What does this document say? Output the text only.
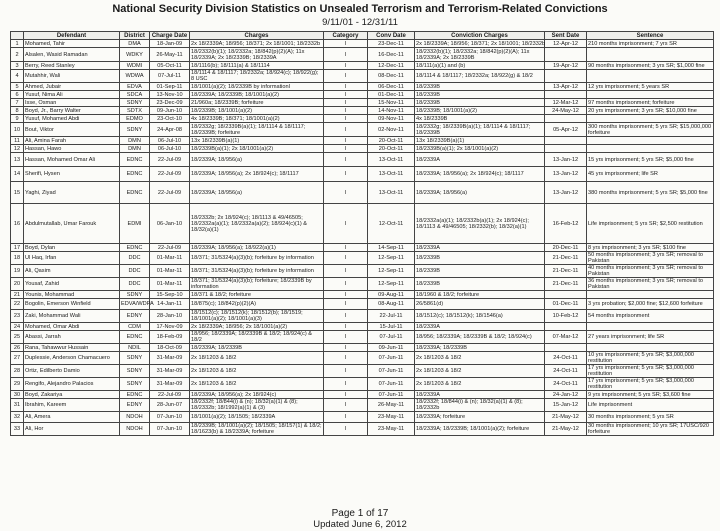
National Security Division Statistics on Unsealed Terrorism and Terrorism-Related Convictions
9/11/01 - 12/31/11
	Defendant	District	Charge Date	Charges	Category	Conv Date	Conviction Charges	Sent Date	Sentence
1	Mohamed, Tahir	DMA	18-Jan-09	2x 18/2339A; 18/956; 18/371; 2x 18/1001; 18/2332b	I	23-Dec-11	2x 18/2339A; 18/956; 18/371; 2x 18/1001; 18/2332b	12-Apr-12	210 months imprisonment; 7 yrs SR
2	Alsalen, Wasid Ramadan	WDKY	26-May-11	18/2332(b)(1); 18/2332a; 18/842(p)(2)(A); 11x 18/2339A; 2x 18/2339B; 18/2339A	I	16-Dec-11	18/2332(b)(1); 18/2332a; 18/842(p)(2)(A); 11x 18/2339A; 2x 18/2339B		
3	Berry, Reed Stanley	WDMI	05-Oct-11	18/1116(b); 18/111(a) & 18/1114	I	12-Dec-11	18/111(a)(1) and (b)	19-Apr-12	90 months imprisonment; 3 yrs SR; $1,000 fine
4	Mutahhir, Wali	WDWA	07-Jul-11	18/1114 & 18/1117; 18/2332a; 18/924(c); 18/922(g); 8 USC	I	08-Dec-11	18/1114 & 18/1117; 18/2332a; 18/922(g) & 18/2		
5	Ahmed, Jubair	EDVA	01-Sep-11	18/1001(a)(2); 18/2339B by informationl	I	06-Dec-11	18/2339B	13-Apr-12	12 yrs imprisonment; 5 years SR
6	Yusuf, Nima Ali	SDCA	13-Nov-10	18/2339A; 18/2339B; 18/1001(a)(2)	I	01-Dec-11	18/2339B		
7	Isse, Osman	SDNY	23-Dec-09	21/960a; 18/2339B; forfeiture	I	15-Nov-11	18/2339B	12-Mar-12	97 months imprisonment; forfeiture
8	Boyd, Jr., Barry Walter	SDTX	09-Jun-10	18/2339B; 18/1001(a)(2)	I	14-Nov-11	18/2339B; 18/1001(a)(2)	24-May-12	20 yrs imprisonment; 3 yrs SR; $10,000 fine
9	Yusuf, Mohamed Abdi	EDMO	23-Oct-10	4x 18/2339B; 18/371; 18/1001(a)(2)	I	09-Nov-11	4x 18/2339B		
10	Bout, Viktor	SDNY	24-Apr-08	18/2332g; 18/2339B(a)(1); 18/1114 & 18/1117; 18/2339B; forfeiture	I	02-Nov-11	18/2332g; 18/2339B(a)(1); 18/1114 & 18/1117; 18/2339B	05-Apr-12	300 months imprisonment; 5 yrs SR; $15,000,000 forfeiture
11	Ali, Amina Farah	DMN	06-Jul-10	13x 18/2339B(a)(1)	I	20-Oct-11	13x 18/2339B(a)(1)		
12	Hassan, Hawo	DMN	06-Jul-10	18/2339B(a)(1); 2x 18/1001(a)(2)	I	20-Oct-11	18/2339B(a)(1); 2x 18/1001(a)(2)		
13	Hassan, Mohamed Omar Ali	EDNC	22-Jul-09	18/2339A; 18/956(a)	I	13-Oct-11	18/2339A	13-Jan-12	15 yrs imprisonment; 5 yrs SR; $5,000 fine
14	Sherifi, Hysen	EDNC	22-Jul-09	18/2339A; 18/956(a); 2x 18/924(c); 18/1117	I	13-Oct-11	18/2339A; 18/956(a); 2x 18/924(c); 18/1117	13-Jan-12	45 yrs imprisonment; life SR
15	Yaghi, Ziyad	EDNC	22-Jul-09	18/2339A; 18/956(a)	I	13-Oct-11	18/2339A; 18/956(a)	13-Jan-12	380 months imprisonment; 5 yrs SR; $5,000 fine
16	Abdulmutallab, Umar Farouk	EDMI	06-Jan-10	18/2332b; 2x 18/924(c); 18/1113 & 49/46505; 18/2332a(a)(1); 18/2332a(a)(2); 18/924(c)(1) & 18/32(a)(1)	I	12-Oct-11	18/2332a(a)(1); 18/2332b(a)(1); 2x 18/924(c); 18/1113 & 49/46505; 18/2332(b); 18/32(a)(1)	16-Feb-12	Life imprisonment; 5 yrs SR; $2,500 restitution
17	Boyd, Dylan	EDNC	22-Jul-09	18/2339A; 18/956(a); 18/922(a)(1)	I	14-Sep-11	18/2339A	20-Dec-11	8 yrs imprisonment; 3 yrs SR; $100 fine
18	Ul Haq, Irfan	DDC	01-Mar-11	18/371; 31/5324(a)(3)(b); forfeiture by information	I	12-Sep-11	18/2339B	21-Dec-11	50 months imprisonment; 3 yrs SR; removal to Pakistan
19	Ali, Qasim	DDC	01-Mar-11	18/371; 31/5324(a)(3)(b); forfeiture by information	I	12-Sep-11	18/2339B	21-Dec-11	40 months imprisonment; 3 yrs SR; removal to Pakistan
20	Yousaf, Zahid	DDC	01-Mar-11	18/371; 31/5324(a)(3)(b); forfeiture; 18/2339B by information	I	12-Sep-11	18/2339B	21-Dec-11	36 months imprisonment; 3 yrs SR; removal to Pakistan
21	Younis, Mohammad	SDNY	15-Sep-10	18/371 & 18/2; forfeiture	I	09-Aug-11	18/1960 & 18/2; forfeiture		
22	Bogolin, Emerson Winfield	EDVA/WDPA	14-Jan-11	18/875(c); 18/842(p)(2)(A)	I	08-Aug-11	26/5861(d)	01-Dec-11	3 yrs probation; $2,000 fine; $12,600 forfeiture
23	Zaki, Mohammad Wali	EDNY	28-Jan-10	18/1512(c); 18/1512(k); 18/1512(b); 18/1519; 18/1001(a)(2); 18/1001(a)(3)	I	22-Jul-11	18/1512(c); 18/1512(k); 18/1546(a)	10-Feb-12	54 months imprisonment
24	Mohamed, Omar Abdi	CDM	17-Nov-09	2x 18/2339A; 18/956; 2x 18/1001(a)(2)	I	15-Jul-11	18/2339A		
25	Abassi, Jarrah	EDNC	18-Feb-09	18/956; 18/2339A; 18/2339B & 18/2; 18/924(c) & 18/2	I	07-Jul-11	18/956; 18/2339A; 18/2339B & 18/2; 18/924(c)	07-Mar-12	27 years imprisonment; life SR
26	Rana, Tahawwur Hussain	NDIL	18-Oct-09	18/2339A; 18/2339B	I	09-Jun-11	18/2339A; 18/2339B		
27	Duplessie, Anderson Chamacuero	SDNY	31-Mar-09	2x 18/1203 & 18/2	I	07-Jun-11	2x 18/1203 & 18/2	24-Oct-11	10 yrs imprisonment; 5 yrs SR; $3,000,000 restitution
28	Ortiz, Edilberto Damio	SDNY	31-Mar-09	2x 18/1203 & 18/2	I	07-Jun-11	2x 18/1203 & 18/2	24-Oct-11	17 yrs imprisonment; 5 yrs SR; $3,000,000 restitution
29	Rengifo, Alejandro Palacios	SDNY	31-Mar-09	2x 18/1203 & 18/2	I	07-Jun-11	2x 18/1203 & 18/2	24-Oct-11	17 yrs imprisonment; 5 yrs SR; $3,000,000 restitution
30	Boyd, Zakariya	EDNC	22-Jul-09	18/2339A; 18/956(a); 2x 18/924(c)	I	07-Jun-11	18/2339A	24-Jan-12	9 yrs imprisonment; 5 yrs SR; $3,600 fine
31	Ibrahim, Kareem	EDNY	28-Jun-07	18/2332f; 18/844(i) & (n); 18/32(a)(1) & (8); 18/2332b; 18/1992(a)(1) & (3)	I	26-May-11	18/2332f; 18/844(i) & (n); 18/32(a)(1) & (8); 18/2332b	15-Jan-12	Life imprisonment
32	Ali, Amera	NDOH	07-Jun-10	18/1001(a)(2); 18/1505; 18/2339A	I	23-May-11	18/2339A; forfeiture	21-May-12	30 months imprisonment; 5 yrs SR
33	Ali, Hor	NDOH	07-Jun-10	18/2339B; 18/1001(a)(2); 18/1505; 18/157(1) & 18/2; 18/1623(b) & 18/2339A; forfeiture	I	23-May-11	18/2339A; 18/2339B; 18/1001(a)(2); forfeiture	21-May-12	30 months imprisonment; 10 yrs SR; 17USC/920 forfeiture
Page 1 of 17
Updated June 6, 2012
